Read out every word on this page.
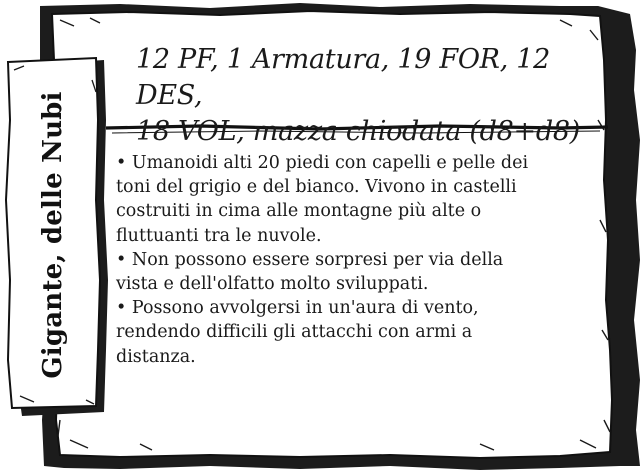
12 PF, 1 Armatura, 19 FOR, 12 DES,
18 VOL, mazza chiodata (d8+d8)

• Umanoidi alti 20 piedi con capelli e pelle dei toni del grigio e del bianco. Vivono in castelli costruiti in cima alle montagne più alte o fluttuanti tra le nuvole.

• Non possono essere sorpresi per via della vista e dell'olfatto molto sviluppati.

• Possono avvolgersi in un'aura di vento, rendendo difficili gli attacchi con armi a distanza.

Gigante, delle Nubi
